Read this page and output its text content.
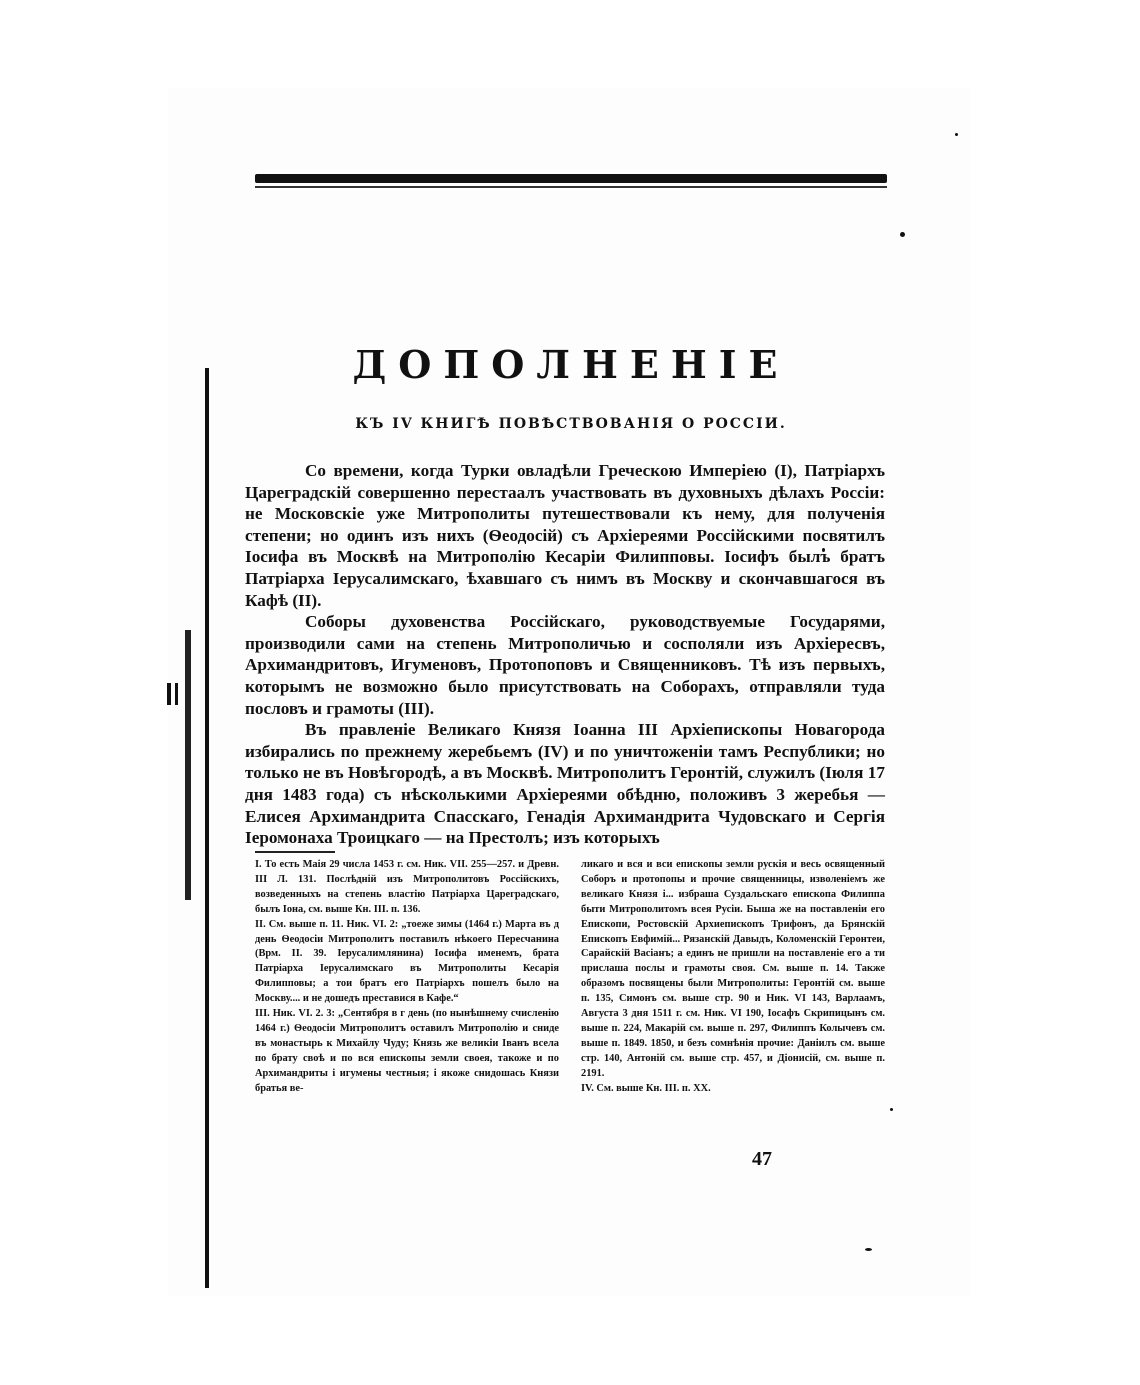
ДОПОЛНЕНІЕ
КЪ IV КНИГѢ ПОВѢСТВОВАНІЯ О РОССІИ.

Со времени, когда Турки овладѣли Греческою Имперіею (I), Патріархъ Цареградскій совершенно перестаалъ участвовать въ духовныхъ дѣлахъ Россіи: не Московскіе уже Митрополиты путешествовали къ нему, для полученія степени; но одинъ изъ нихъ (Ѳеодосій) съ Архіереями Россійскими посвятилъ Іосифа въ Москвѣ на Митрополію Кесаріи Филипповы. Іосифъ былъ братъ Патріарха Іерусалимскаго, ѣхавшаго съ нимъ въ Москву и скончавшагося въ Кафѣ (II).

Соборы духовенства Россійскаго, руководствуемые Государями, производили сами на степень Митрополичью и сосполяли изъ Архіересвъ, Архимандритовъ, Игуменовъ, Протопоповъ и Священниковъ. Тѣ изъ первыхъ, которымъ не возможно было присутствовать на Соборахъ, отправляли туда пословъ и грамоты (III).

Въ правленіе Великаго Князя Іоанна III Архіепископы Новагорода избирались по прежнему жеребьемъ (IV) и по уничтоженіи тамъ Республики; но только не въ Новѣгородѣ, а въ Москвѣ. Митрополитъ Геронтій, служилъ (Іюля 17 дня 1483 года) съ нѣсколькими Архіереями обѣдню, положивъ 3 жеребья — Елисея Архимандрита Спасскаго, Генадія Архимандрита Чудовскаго и Сергія Іеромонаха Троицкаго — на Престолъ; изъ которыхъ

I. То есть Маія 29 числа 1453 г. см. Ник. VII. 255—257. и Древн. III Л. 131. Послѣдній изъ Митрополитовъ Россійскихъ, возведенныхъ на степень властію Патріарха Цареградскаго, былъ Іона, см. выше Кн. III. п. 136.

II. См. выше п. 11. Ник. VI. 2: „тоеже зимы (1464 г.) Марта въ д день Ѳеодосіи Митрополитъ поставилъ нѣкоего Пересчанина (Врм. II. 39. Іерусалимлянина) Іосифа именемъ, брата Патріарха Іерусалимскаго въ Митрополиты Кесарія Филипповы; а тои братъ его Патріархъ пошелъ было на Москву.... и не дошедъ преставися в Кафе.“

III. Ник. VI. 2. 3: „Сентября в г день (по нынѣшнему счисленію 1464 г.) Ѳеодосіи Митрополитъ оставилъ Митрополію и сниде въ монастырь к Михайлу Чуду; Князь же великіи Іванъ всела по брату своѣ и по вся епископы земли своея, такоже и по Архимандриты і игумены честныя; і якоже снидошась Князи братья ве-

ликаго и вся и вси епископы земли рускія и весь освященный Соборъ и протопопы и прочие священницы, изволеніемъ же великаго Князя і... избраша Суздальскаго епископа Филиппа быти Митрополитомъ всея Русіи. Быша же на поставленіи его Епископи, Ростовскій Архиепископъ Трифонъ, да Брянскій Епископъ Евфимій... Рязанскій Давыдъ, Коломенскій Геронтеи, Сарайскій Васіанъ; а единъ не пришли на поставленіе его а ти прислаша послы и грамоты своя. См. выше п. 14. Также образомъ посвящены были Митрополиты: Геронтій см. выше п. 135, Симонъ см. выше стр. 90 и Ник. VI 143, Варлаамъ, Августа 3 дня 1511 г. см. Ник. VI 190, Іосафъ Скрипицынъ см. выше п. 224, Макарій см. выше п. 297, Филиппъ Колычевъ см. выше п. 1849. 1850, и безъ сомнѣнія прочие: Даніилъ см. выше стр. 140, Антоній см. выше стр. 457, и Діонисій, см. выше п. 2191.

IV. См. выше Кн. III. п. XX.

47
